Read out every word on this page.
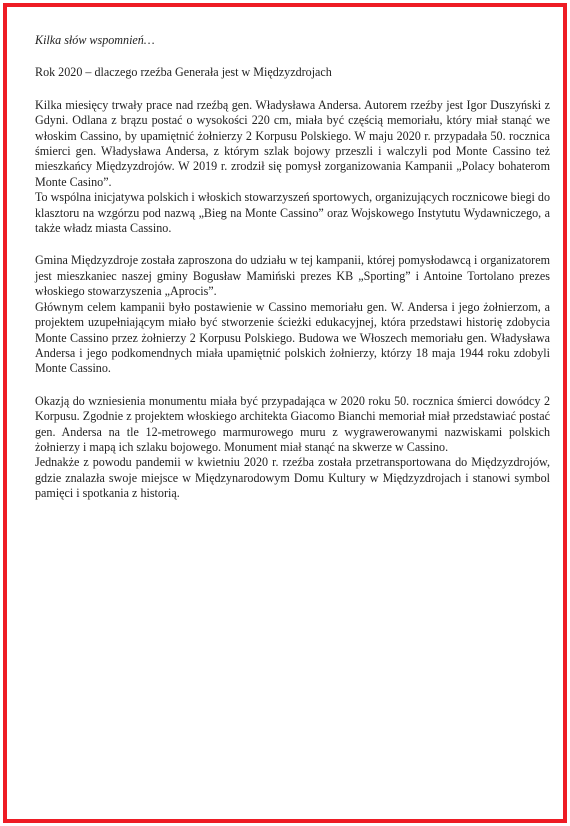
Kilka słów wspomnień…

Rok 2020 – dlaczego rzeźba Generała jest w Międzyzdrojach

Kilka miesięcy trwały prace nad rzeźbą gen. Władysława Andersa. Autorem rzeźby jest Igor Duszyński z Gdyni. Odlana z brązu postać o wysokości 220 cm, miała być częścią memoriału, który miał stanąć we włoskim Cassino, by upamiętnić żołnierzy 2 Korpusu Polskiego. W maju 2020 r. przypadała 50. rocznica śmierci gen. Władysława Andersa, z którym szlak bojowy przeszli i walczyli pod Monte Cassino też mieszkańcy Międzyzdrojów. W 2019 r. zrodził się pomysł zorganizowania Kampanii „Polacy bohaterom Monte Casino”.

To wspólna inicjatywa polskich i włoskich stowarzyszeń sportowych, organizujących rocznicowe biegi do klasztoru na wzgórzu pod nazwą „Bieg na Monte Cassino” oraz Wojskowego Instytutu Wydawniczego, a także władz miasta Cassino.

Gmina Międzyzdroje została zaproszona do udziału w tej kampanii, której pomysłodawcą i organizatorem jest mieszkaniec naszej gminy Bogusław Mamiński prezes KB „Sporting” i Antoine Tortolano prezes włoskiego stowarzyszenia „Aprocis”.

Głównym celem kampanii było postawienie w Cassino memoriału gen. W. Andersa i jego żołnierzom, a projektem uzupełniającym miało być stworzenie ścieżki edukacyjnej, która przedstawi historię zdobycia Monte Cassino przez żołnierzy 2 Korpusu Polskiego. Budowa we Włoszech memoriału gen. Władysława Andersa i jego podkomendnych miała upamiętnić polskich żołnierzy, którzy 18 maja 1944 roku zdobyli Monte Cassino.

Okazją do wzniesienia monumentu miała być przypadająca w 2020 roku 50. rocznica śmierci dowódcy 2 Korpusu. Zgodnie z projektem włoskiego architekta Giacomo Bianchi memoriał miał przedstawiać postać gen. Andersa na tle 12-metrowego marmurowego muru z wygrawerowanymi nazwiskami polskich żołnierzy i mapą ich szlaku bojowego. Monument miał stanąć na skwerze w Cassino.

Jednakże z powodu pandemii w kwietniu 2020 r. rzeźba została przetransportowana do Międzyzdrojów, gdzie znalazła swoje miejsce w Międzynarodowym Domu Kultury w Międzyzdrojach i stanowi symbol pamięci i spotkania z historią.
